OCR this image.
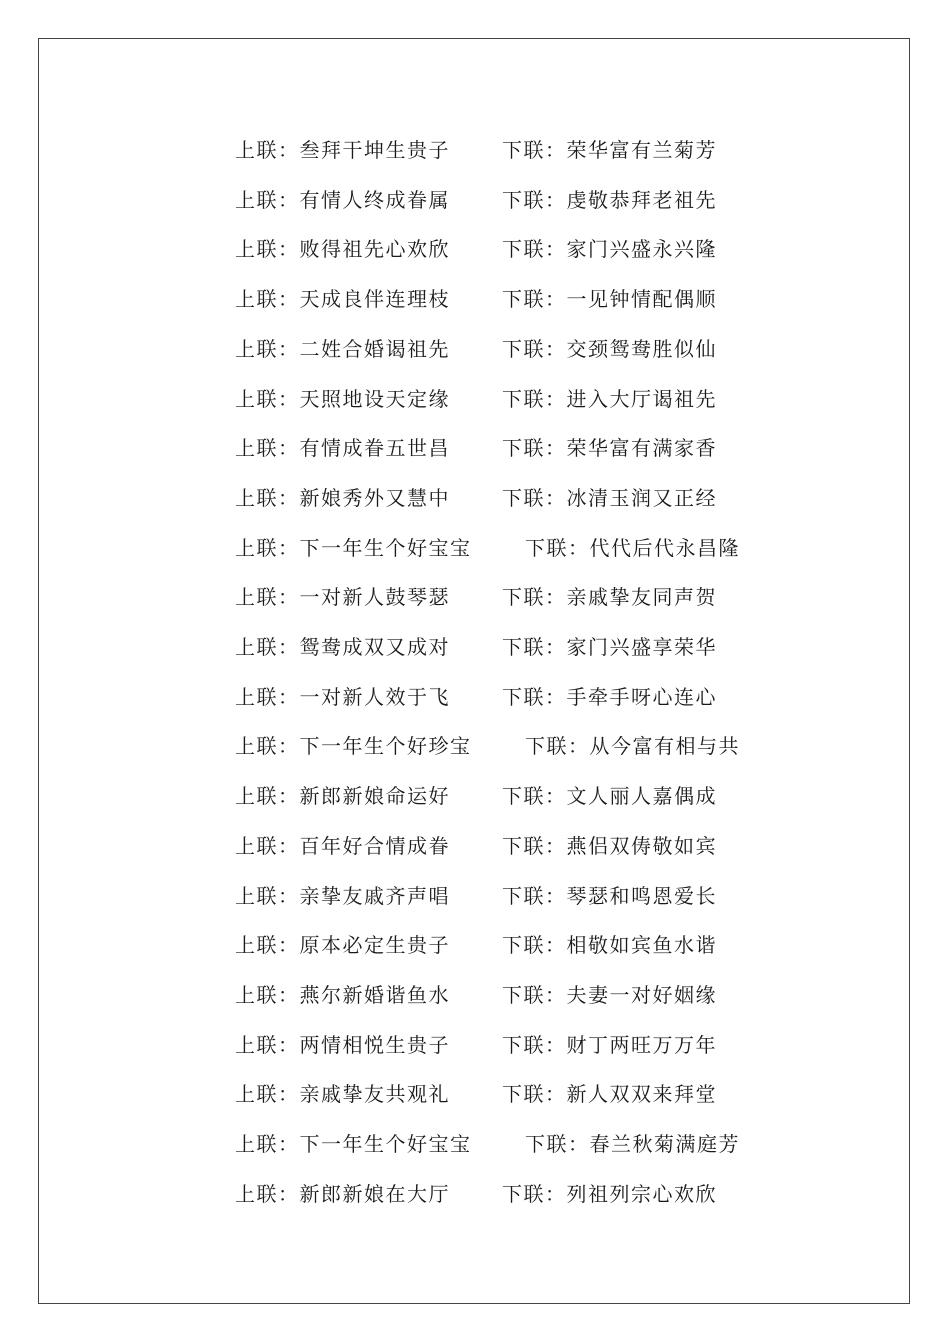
上联：叁拜干坤生贵子	下联：荣华富有兰菊芳
上联：有情人终成眷属	下联：虔敬恭拜老祖先
上联：败得祖先心欢欣	下联：家门兴盛永兴隆
上联：天成良伴连理枝	下联：一见钟情配偶顺
上联：二姓合婚谒祖先	下联：交颈鸳鸯胜似仙
上联：天照地设天定缘	下联：进入大厅谒祖先
上联：有情成眷五世昌	下联：荣华富有满家香
上联：新娘秀外又慧中	下联：冰清玉润又正经
上联：下一年生个好宝宝	下联：代代后代永昌隆
上联：一对新人鼓琴瑟	下联：亲戚挚友同声贺
上联：鸳鸯成双又成对	下联：家门兴盛享荣华
上联：一对新人效于飞	下联：手牵手呀心连心
上联：下一年生个好珍宝	下联：从今富有相与共
上联：新郎新娘命运好	下联：文人丽人嘉偶成
上联：百年好合情成眷	下联：燕侣双俦敬如宾
上联：亲挚友戚齐声唱	下联：琴瑟和鸣恩爱长
上联：原本必定生贵子	下联：相敬如宾鱼水谐
上联：燕尔新婚谐鱼水	下联：夫妻一对好姻缘
上联：两情相悦生贵子	下联：财丁两旺万万年
上联：亲戚挚友共观礼	下联：新人双双来拜堂
上联：下一年生个好宝宝	下联：春兰秋菊满庭芳
上联：新郎新娘在大厅	下联：列祖列宗心欢欣
